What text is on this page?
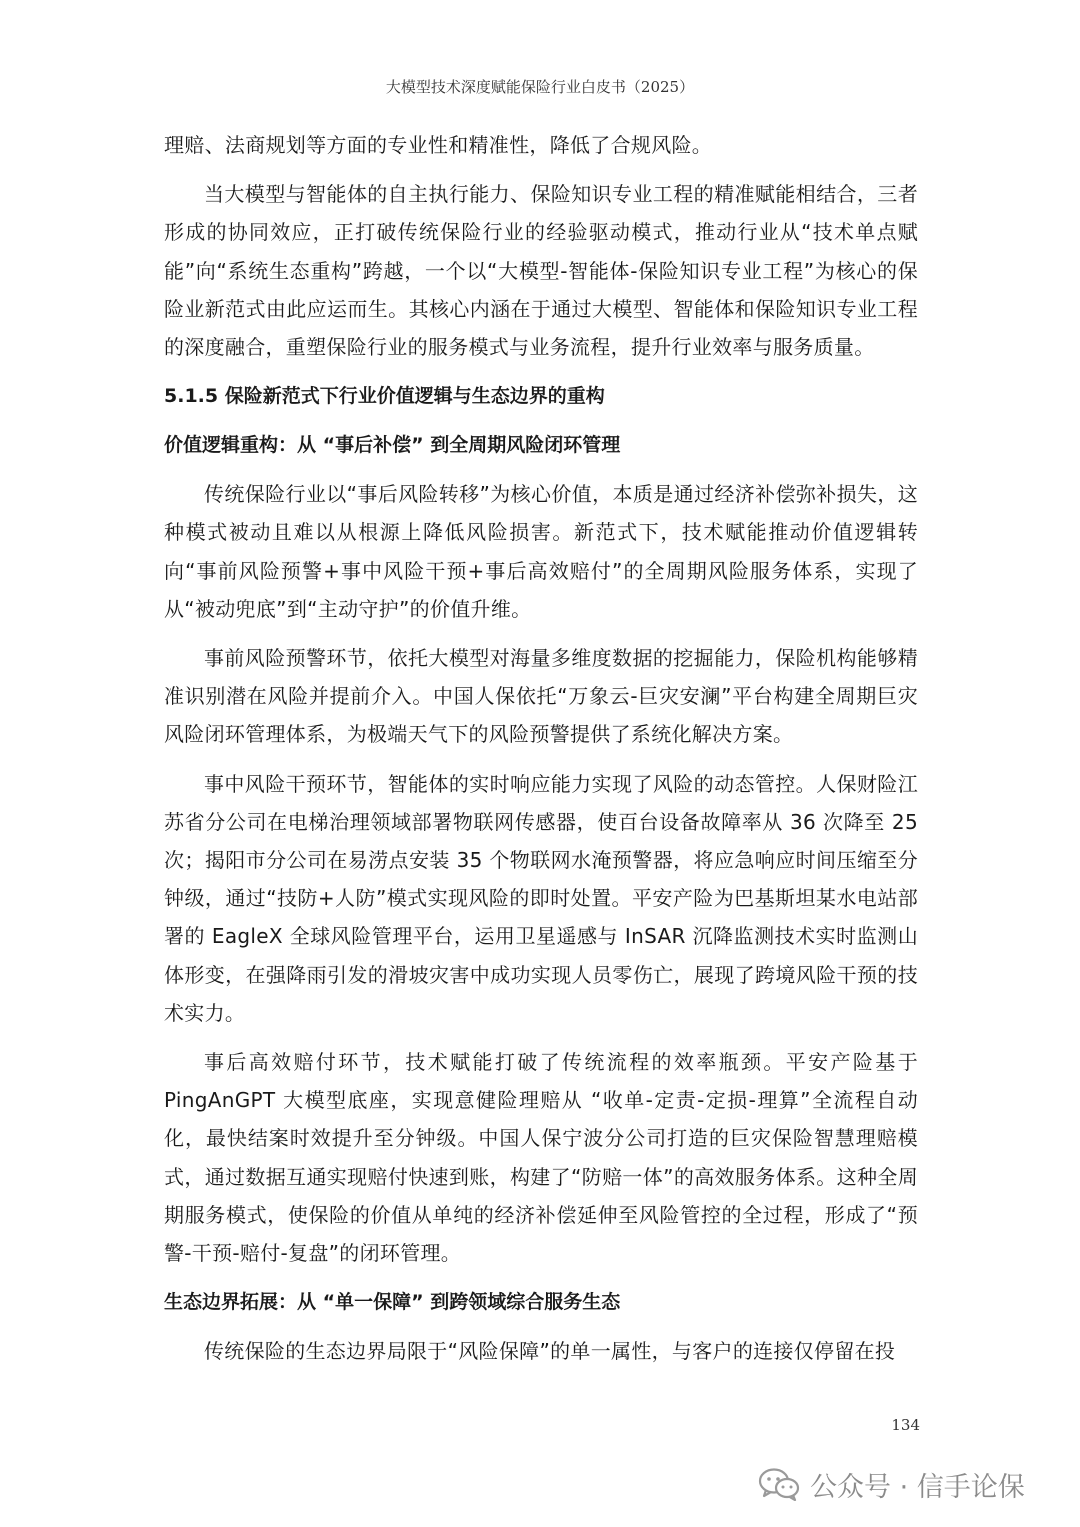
大模型技术深度赋能保险行业白皮书（2025）

理赔、法商规划等方面的专业性和精准性，降低了合规风险。

当大模型与智能体的自主执行能力、保险知识专业工程的精准赋能相结合，三者形成的协同效应，正打破传统保险行业的经验驱动模式，推动行业从“技术单点赋能”向“系统生态重构”跨越，一个以“大模型-智能体-保险知识专业工程”为核心的保险业新范式由此应运而生。其核心内涵在于通过大模型、智能体和保险知识专业工程的深度融合，重塑保险行业的服务模式与业务流程，提升行业效率与服务质量。

5.1.5 保险新范式下行业价值逻辑与生态边界的重构
价值逻辑重构：从 “事后补偿” 到全周期风险闭环管理

传统保险行业以“事后风险转移”为核心价值，本质是通过经济补偿弥补损失，这种模式被动且难以从根源上降低风险损害。新范式下，技术赋能推动价值逻辑转向“事前风险预警+事中风险干预+事后高效赔付”的全周期风险服务体系，实现了从“被动兜底”到“主动守护”的价值升维。

事前风险预警环节，依托大模型对海量多维度数据的挖掘能力，保险机构能够精准识别潜在风险并提前介入。中国人保依托“万象云-巨灾安澜”平台构建全周期巨灾风险闭环管理体系，为极端天气下的风险预警提供了系统化解决方案。

事中风险干预环节，智能体的实时响应能力实现了风险的动态管控。人保财险江苏省分公司在电梯治理领域部署物联网传感器，使百台设备故障率从 36 次降至 25 次；揭阳市分公司在易涝点安装 35 个物联网水淹预警器，将应急响应时间压缩至分钟级，通过“技防+人防”模式实现风险的即时处置。平安产险为巴基斯坦某水电站部署的 EagleX 全球风险管理平台，运用卫星遥感与 InSAR 沉降监测技术实时监测山体形变，在强降雨引发的滑坡灾害中成功实现人员零伤亡，展现了跨境风险干预的技术实力。

事后高效赔付环节，技术赋能打破了传统流程的效率瓶颈。平安产险基于 PingAnGPT 大模型底座，实现意健险理赔从 “收单-定责-定损-理算”全流程自动化，最快结案时效提升至分钟级。中国人保宁波分公司打造的巨灾保险智慧理赔模式，通过数据互通实现赔付快速到账，构建了“防赔一体”的高效服务体系。这种全周期服务模式，使保险的价值从单纯的经济补偿延伸至风险管控的全过程，形成了“预警-干预-赔付-复盘”的闭环管理。

生态边界拓展：从 “单一保障” 到跨领域综合服务生态

传统保险的生态边界局限于“风险保障”的单一属性，与客户的连接仅停留在投

134
公众号 · 信手论保
